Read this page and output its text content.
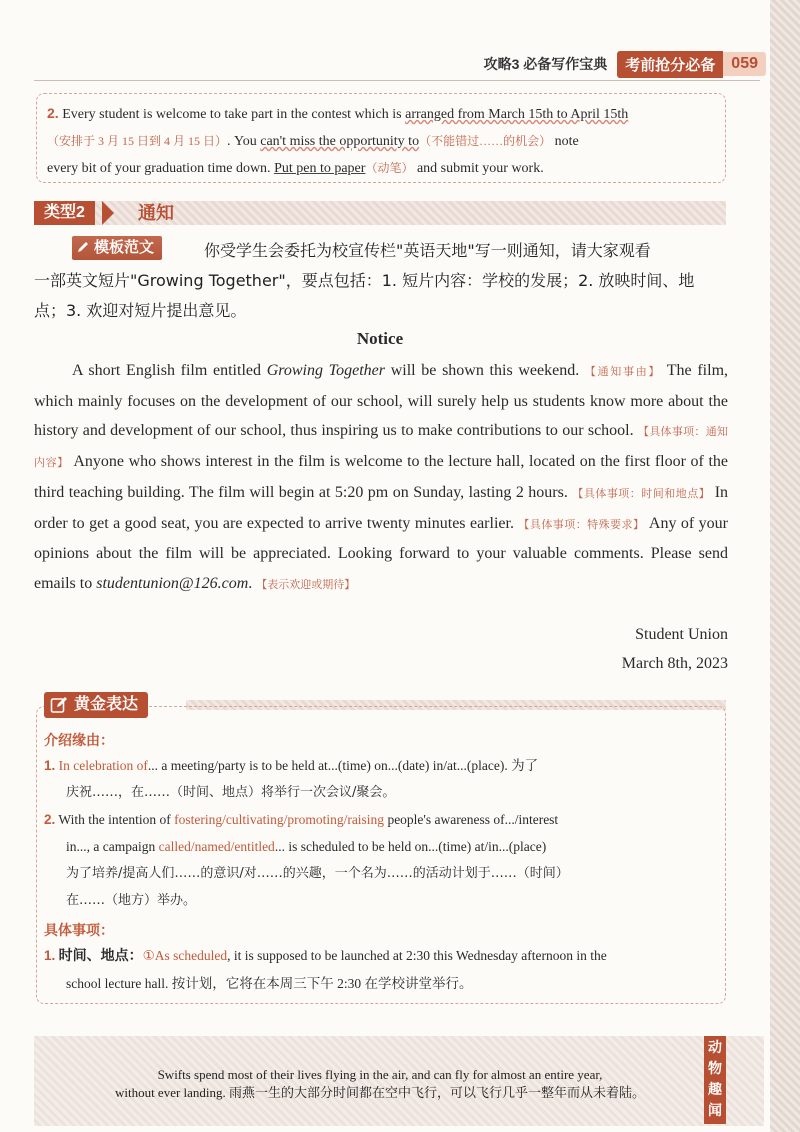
攻略3 必备写作宝典	考前抢分必备	059
2. Every student is welcome to take part in the contest which is arranged from March 15th to April 15th
（安排于 3 月 15 日到 4 月 15 日）. You can't miss the opportunity to（不能错过……的机会） note
every bit of your graduation time down. Put pen to paper（动笔） and submit your work.
类型2	通知
模板范文	你受学生会委托为校宣传栏"英语天地"写一则通知，请大家观看
一部英文短片"Growing Together"，要点包括：1. 短片内容：学校的发展；2. 放映时间、地
点；3. 欢迎对短片提出意见。
Notice
A short English film entitled Growing Together will be shown this weekend. 【通知事由】 The film, which mainly focuses on the development of our school, will surely help us students know more about the history and development of our school, thus inspiring us to make contributions to our school. 【具体事项：通知内容】 Anyone who shows interest in the film is welcome to the lecture hall, located on the first floor of the third teaching building. The film will begin at 5:20 pm on Sunday, lasting 2 hours. 【具体事项：时间和地点】 In order to get a good seat, you are expected to arrive twenty minutes earlier. 【具体事项：特殊要求】 Any of your opinions about the film will be appreciated. Looking forward to your valuable comments. Please send emails to studentunion@126.com. 【表示欢迎或期待】
Student Union
March 8th, 2023
黄金表达
介绍缘由：
1. In celebration of... a meeting/party is to be held at...(time) on...(date) in/at...(place). 为了
庆祝……，在……（时间、地点）将举行一次会议/聚会。
2. With the intention of fostering/cultivating/promoting/raising people's awareness of.../interest
in..., a campaign called/named/entitled... is scheduled to be held on...(time) at/in...(place)
为了培养/提高人们……的意识/对……的兴趣，一个名为……的活动计划于……（时间）
在……（地方）举办。
具体事项：
1. 时间、地点：①As scheduled, it is supposed to be launched at 2:30 this Wednesday afternoon in the
school lecture hall. 按计划，它将在本周三下午 2:30 在学校讲堂举行。
Swifts spend most of their lives flying in the air, and can fly for almost an entire year,
without ever landing. 雨燕一生的大部分时间都在空中飞行，可以飞行几乎一整年而从未着陆。
动物趣闻
